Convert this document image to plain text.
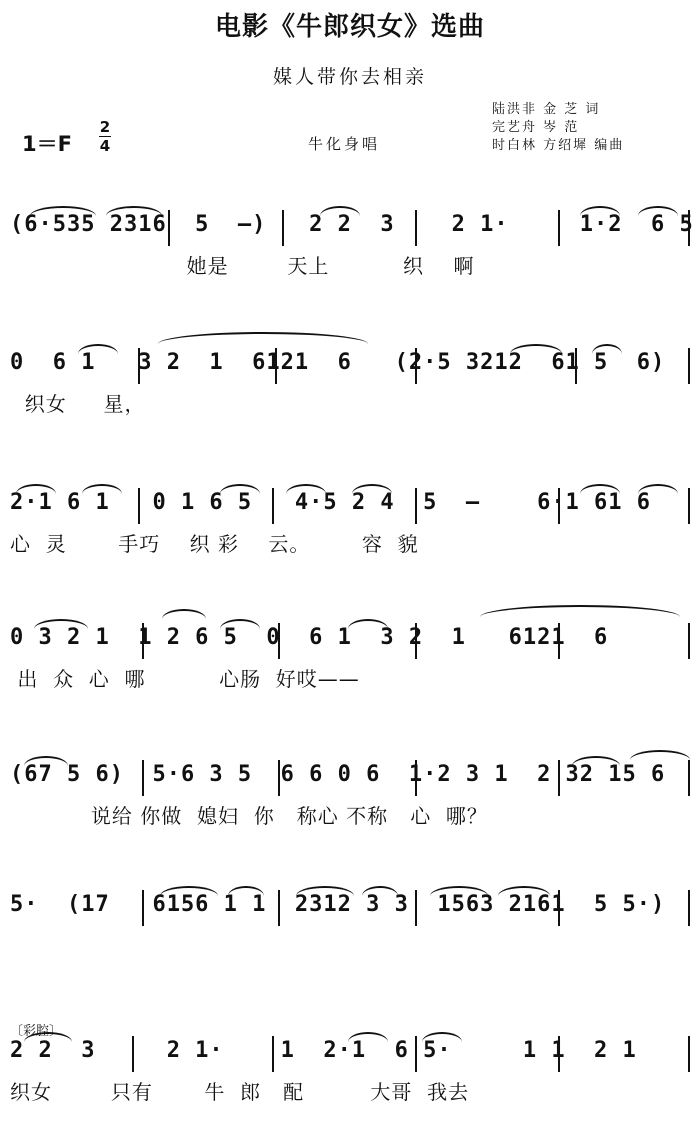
电影《牛郎织女》选曲
媒人带你去相亲
陆洪非 金 芝 词
完艺舟 岑 范
时白林 方绍墀 编曲
1＝F
2
4	牛化身唱
(6·535 2316  5  —)   2 2  3    2 1·     1·2  6 5
她是        天上          织    啊
0  6 1   3 2  1  6121  6   (2·5 3212  61 5  6)
织女     星，
2·1 6 1   0 1 6 5   4·5 2 4  5  —    6·1 61 6
心  灵       手巧    织 彩    云。       容  貌
0 3 2 1  1 2 6 5  0  6 1  3 2  1   6121  6
出  众  心  哪          心肠  好哎——
(67 5 6)  5·6 3 5  6 6 0 6  1·2 3 1  2 32 15 6
说给 你做  媳妇  你   称心 不称   心  哪？
5·  (17   6156 1 1  2312 3 3  1563 2161  5 5·)
〔彩腔〕
2 2  3     2 1·    1  2·1  6 5·     1 1  2 1
织女        只有       牛  郎   配         大哥  我去
